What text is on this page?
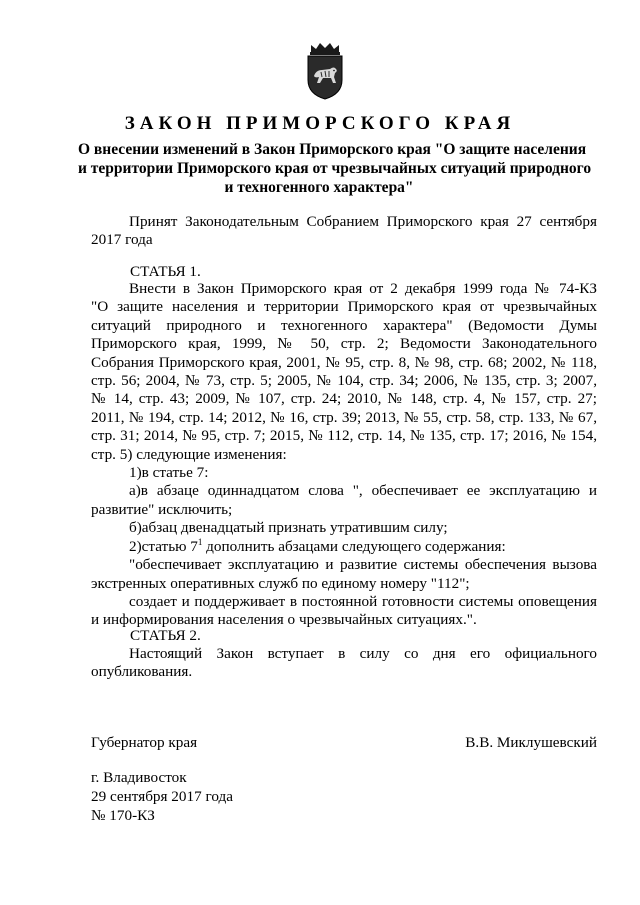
ЗАКОН ПРИМОРСКОГО КРАЯ
О внесении изменений в Закон Приморского края "О защите населения
и территории Приморского края от чрезвычайных ситуаций природного
и техногенного характера"
Принят Законодательным Собранием Приморского края 27 сентября
2017 года
СТАТЬЯ 1.
Внести в Закон Приморского края от 2 декабря 1999 года № 74-КЗ
"О защите населения и территории Приморского края от чрезвычайных
ситуаций природного и техногенного характера" (Ведомости Думы
Приморского края, 1999, № 50, стр. 2; Ведомости Законодательного
Собрания Приморского края, 2001, № 95, стр. 8, № 98, стр. 68; 2002, № 118,
стр. 56; 2004, № 73, стр. 5; 2005, № 104, стр. 34; 2006, № 135, стр. 3; 2007,
№ 14, стр. 43; 2009, № 107, стр. 24; 2010, № 148, стр. 4, № 157, стр. 27;
2011, № 194, стр. 14; 2012, № 16, стр. 39; 2013, № 55, стр. 58, стр. 133, № 67,
стр. 31; 2014, № 95, стр. 7; 2015, № 112, стр. 14, № 135, стр. 17; 2016, № 154,
стр. 5) следующие изменения:
1)в статье 7:
а)в абзаце одиннадцатом слова ", обеспечивает ее эксплуатацию и
развитие" исключить;
б)абзац двенадцатый признать утратившим силу;
2)статью $7^1$ дополнить абзацами следующего содержания:
"обеспечивает эксплуатацию и развитие системы обеспечения вызова
экстренных оперативных служб по единому номеру "112";
создает и поддерживает в постоянной готовности системы оповещения
и информирования населения о чрезвычайных ситуациях.".
СТАТЬЯ 2.
Настоящий Закон вступает в силу со дня его официального
опубликования.
Губернатор края	В.В. Миклушевский
г. Владивосток
29 сентября 2017 года
№ 170-КЗ
